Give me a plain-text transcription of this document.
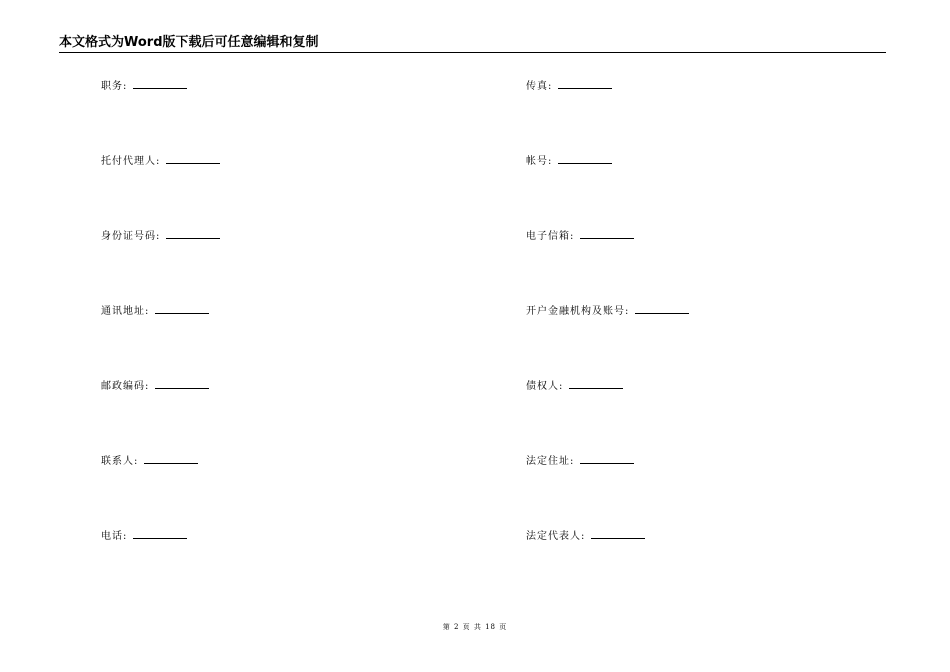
本文格式为Word版下载后可任意编辑和复制
职务:
托付代理人:
身份证号码:
通讯地址:
邮政编码:
联系人:
电话:
传真:
帐号:
电子信箱:
开户金融机构及账号:
债权人:
法定住址:
法定代表人:
第 2 页 共 18 页
